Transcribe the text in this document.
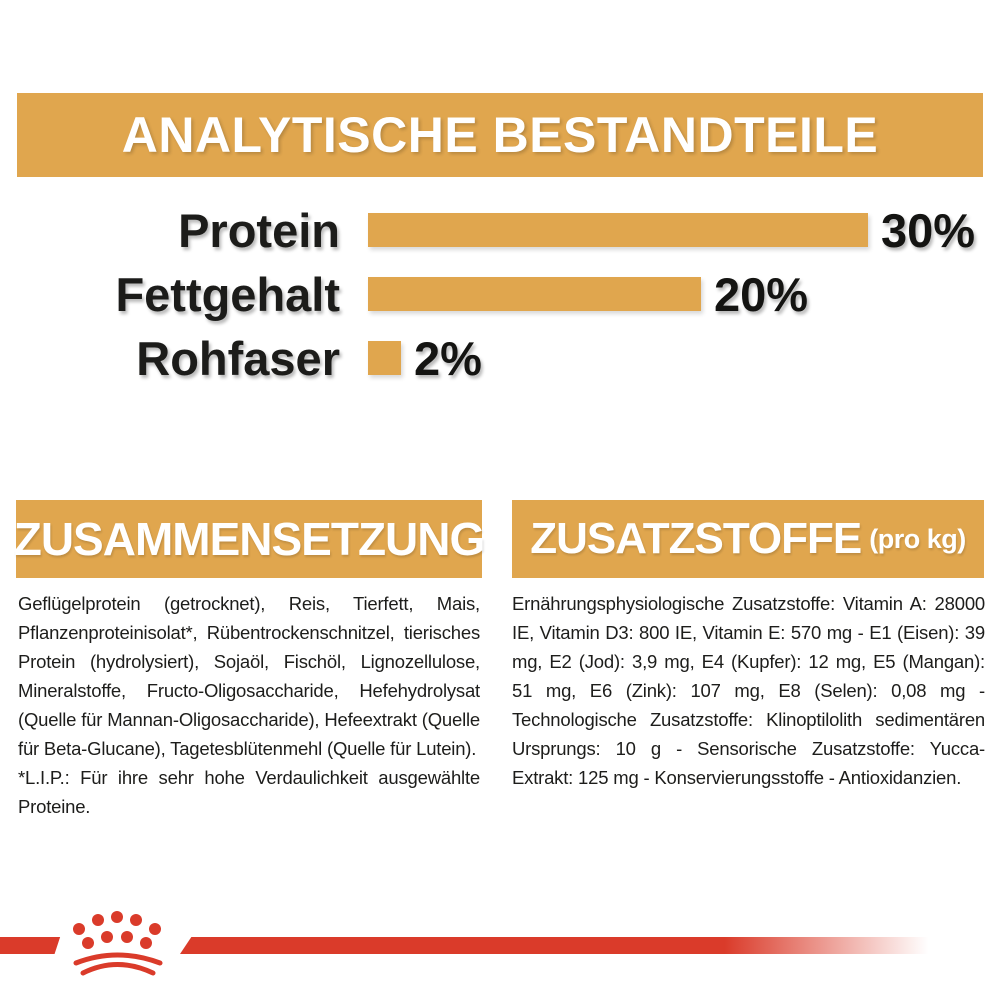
ANALYTISCHE BESTANDTEILE
Protein	30%
Fettgehalt	20%
Rohfaser 2%
ZUSAMMENSETZUNG ZUSATZSTOFFE (pro kg)

Geflügelprotein (getrocknet), Reis, Tierfett, Mais, Pflanzenproteinisolat*, Rübentrockenschnitzel, tierisches Protein (hydrolysiert), Sojaöl, Fischöl, Lignozellulose, Mineralstoffe, Fructo-Oligosaccharide, Hefehydrolysat (Quelle für Mannan-Oligosaccharide), Hefeextrakt (Quelle für Beta-Glucane), Tagetesblütenmehl (Quelle für Lutein).

*L.I.P.: Für ihre sehr hohe Verdaulichkeit ausgewählte Proteine.

Ernährungsphysiologische Zusatzstoffe: Vitamin A: 28000 IE, Vitamin D3: 800 IE, Vitamin E: 570 mg - E1 (Eisen): 39 mg, E2 (Jod): 3,9 mg, E4 (Kupfer): 12 mg, E5 (Mangan): 51 mg, E6 (Zink): 107 mg, E8 (Selen): 0,08 mg - Technologische Zusatzstoffe: Klinoptilolith sedimentären Ursprungs: 10 g - Sensorische Zusatzstoffe: Yucca-Extrakt: 125 mg - Konservierungsstoffe - Antioxidanzien.
